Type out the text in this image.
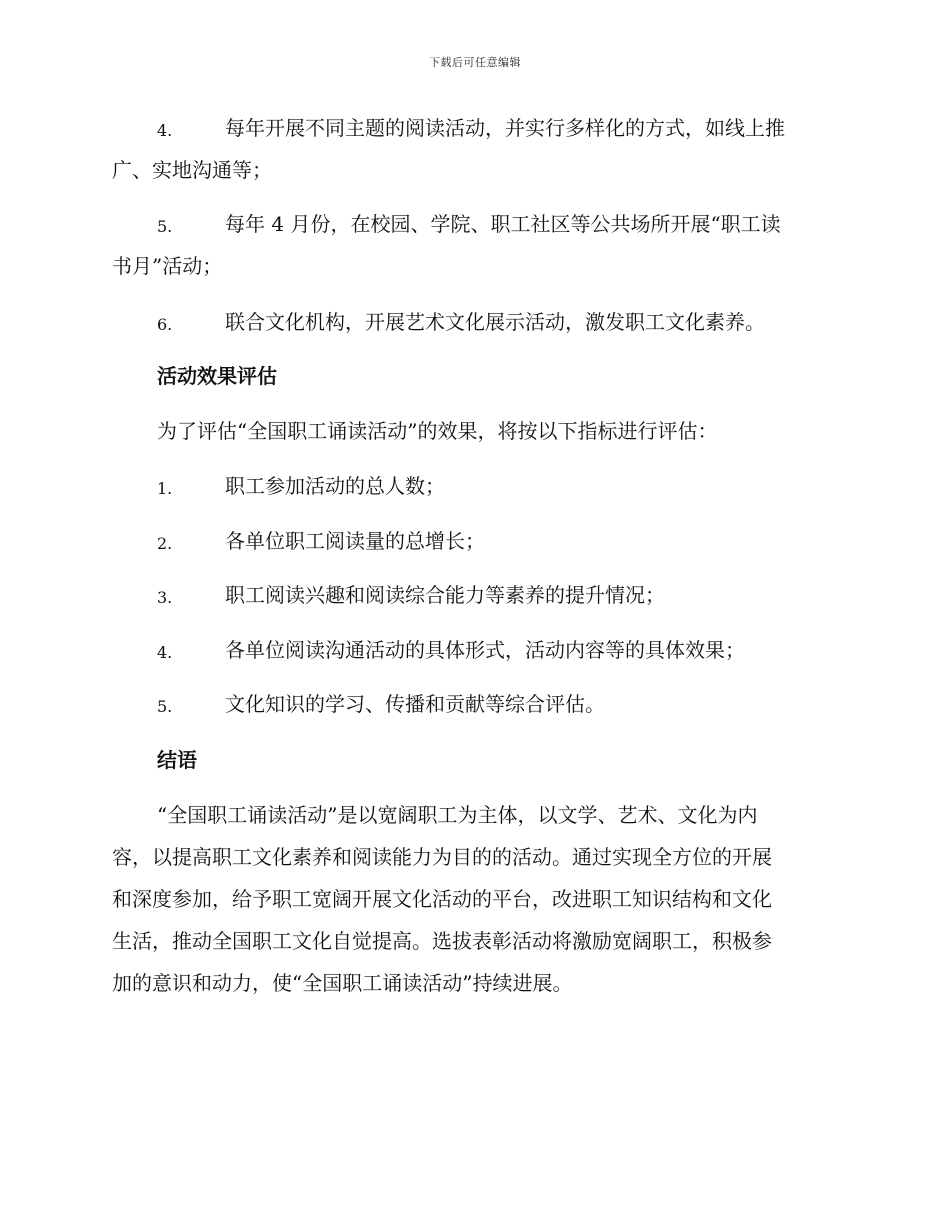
下载后可任意编辑
4.	每年开展不同主题的阅读活动，并实行多样化的方式，如线上推
广、实地沟通等；
5.	每年 4 月份，在校园、学院、职工社区等公共场所开展“职工读
书月”活动；
6.	联合文化机构，开展艺术文化展示活动，激发职工文化素养。
活动效果评估
为了评估“全国职工诵读活动”的效果，将按以下指标进行评估：
1.	职工参加活动的总人数；
2.	各单位职工阅读量的总增长；
3.	职工阅读兴趣和阅读综合能力等素养的提升情况；
4.	各单位阅读沟通活动的具体形式，活动内容等的具体效果；
5.	文化知识的学习、传播和贡献等综合评估。
结语
“全国职工诵读活动”是以宽阔职工为主体，以文学、艺术、文化为内
容，以提高职工文化素养和阅读能力为目的的活动。通过实现全方位的开展
和深度参加，给予职工宽阔开展文化活动的平台，改进职工知识结构和文化
生活，推动全国职工文化自觉提高。选拔表彰活动将激励宽阔职工，积极参
加的意识和动力，使“全国职工诵读活动”持续进展。
